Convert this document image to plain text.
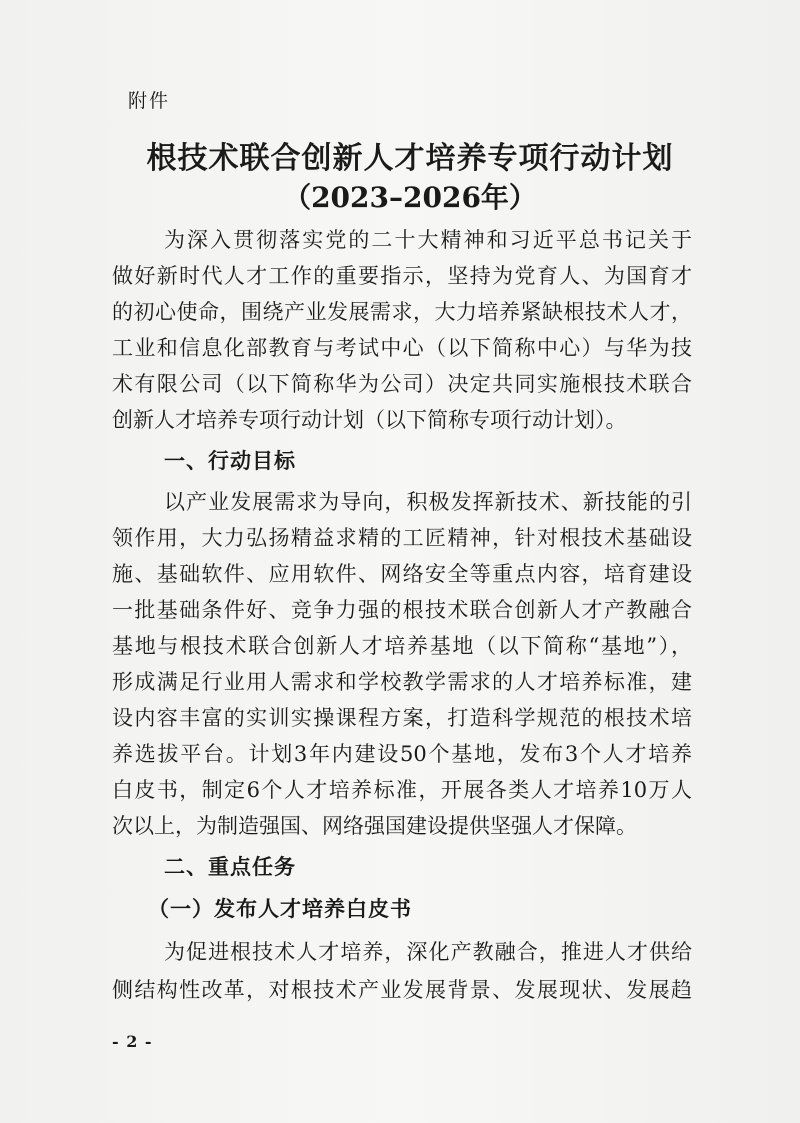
附件
根技术联合创新人才培养专项行动计划
（2023–2026年）
为深入贯彻落实党的二十大精神和习近平总书记关于
做好新时代人才工作的重要指示，坚持为党育人、为国育才
的初心使命，围绕产业发展需求，大力培养紧缺根技术人才，
工业和信息化部教育与考试中心（以下简称中心）与华为技
术有限公司（以下简称华为公司）决定共同实施根技术联合
创新人才培养专项行动计划（以下简称专项行动计划）。
一、行动目标
以产业发展需求为导向，积极发挥新技术、新技能的引
领作用，大力弘扬精益求精的工匠精神，针对根技术基础设
施、基础软件、应用软件、网络安全等重点内容，培育建设
一批基础条件好、竞争力强的根技术联合创新人才产教融合
基地与根技术联合创新人才培养基地（以下简称“基地”），
形成满足行业用人需求和学校教学需求的人才培养标准，建
设内容丰富的实训实操课程方案，打造科学规范的根技术培
养选拔平台。计划3年内建设50个基地，发布3个人才培养
白皮书，制定6个人才培养标准，开展各类人才培养10万人
次以上，为制造强国、网络强国建设提供坚强人才保障。
二、重点任务
（一）发布人才培养白皮书
为促进根技术人才培养，深化产教融合，推进人才供给
侧结构性改革，对根技术产业发展背景、发展现状、发展趋
- 2 -
